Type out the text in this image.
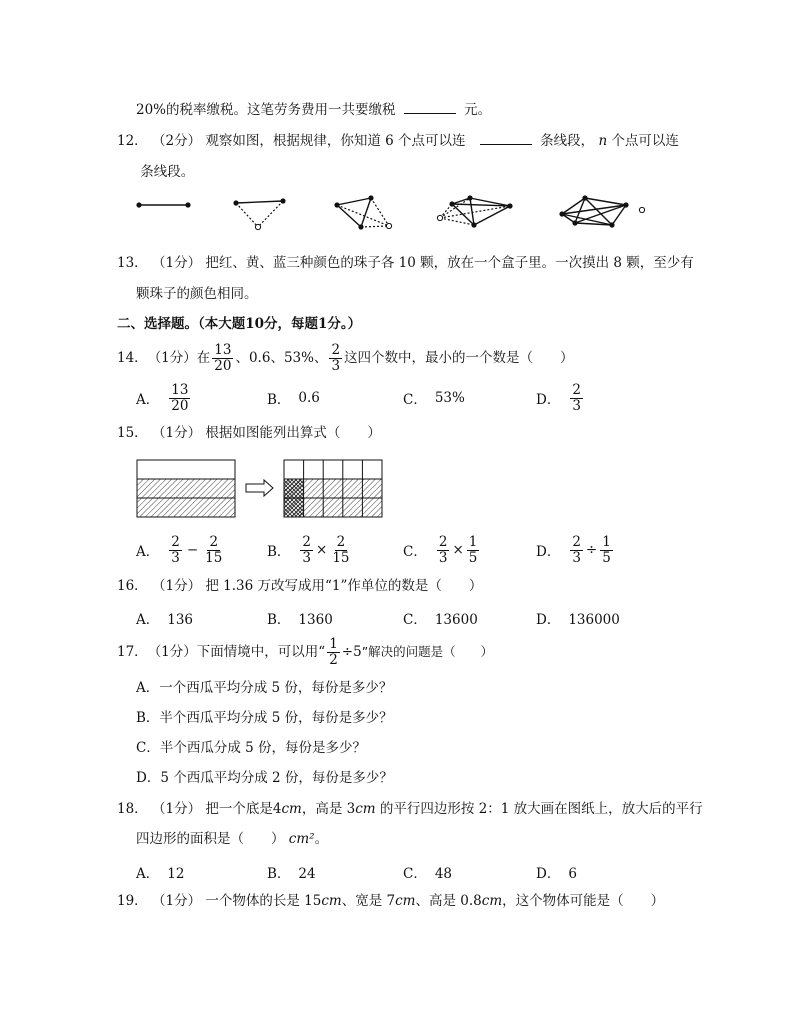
20%的税率缴税。这笔劳务费用一共要缴税	元。
12． （2分） 观察如图，根据规律，你知道 6 个点可以连	条线段， n 个点可以连
条线段。
13． （1分） 把红、黄、蓝三种颜色的珠子各 10 颗，放在一个盒子里。一次摸出 8 颗，至少有
颗珠子的颜色相同。
二、选择题。（本大题10分，每题1分。）
14． （1分） 在 $\frac{13}{20}$ 、0.6、53%、 $\frac{2}{3}$ 这四个数中，最小的一个数是（　　）
A． $\frac{13}{20}$	B． 0.6	C． 53%	D． $\frac{2}{3}$
15． （1分） 根据如图能列出算式（　　）
A． $\frac{2}{3} - \frac{2}{15}$	B． $\frac{2}{3} \times \frac{2}{15}$	C． $\frac{2}{3} \times \frac{1}{5}$	D． $\frac{2}{3} \div \frac{1}{5}$
16． （1分） 把 1.36 万改写成用“1”作单位的数是（　　）
A． 136	B． 1360	C． 13600	D． 136000
17． （1分） 下面情境中，可以用“ $\frac{1}{2} \div 5$ ”解决的问题是（　　）
A．一个西瓜平均分成 5 份，每份是多少？
B．半个西瓜平均分成 5 份，每份是多少？
C．半个西瓜分成 5 份，每份是多少？
D．5 个西瓜平均分成 2 份，每份是多少？
18． （1分） 把一个底是4cm，高是 3cm 的平行四边形按 2：1 放大画在图纸上，放大后的平行
四边形的面积是（　　） cm²。
A． 12	B． 24	C． 48	D． 6
19． （1分） 一个物体的长是 15cm、宽是 7cm、高是 0.8cm，这个物体可能是（　　）
